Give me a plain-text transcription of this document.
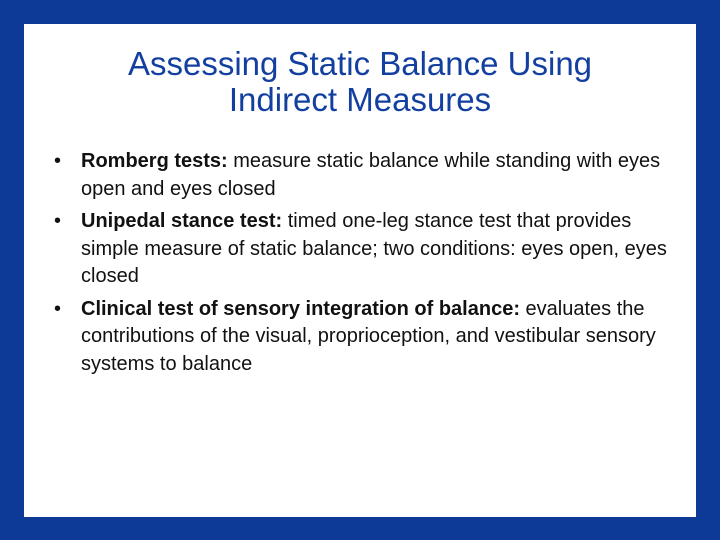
Assessing Static Balance Using
Indirect Measures
• Romberg tests: measure static balance while standing with eyes open and eyes closed
• Unipedal stance test: timed one-leg stance test that provides simple measure of static balance; two conditions: eyes open, eyes closed
• Clinical test of sensory integration of balance: evaluates the contributions of the visual, proprioception, and vestibular sensory systems to balance
